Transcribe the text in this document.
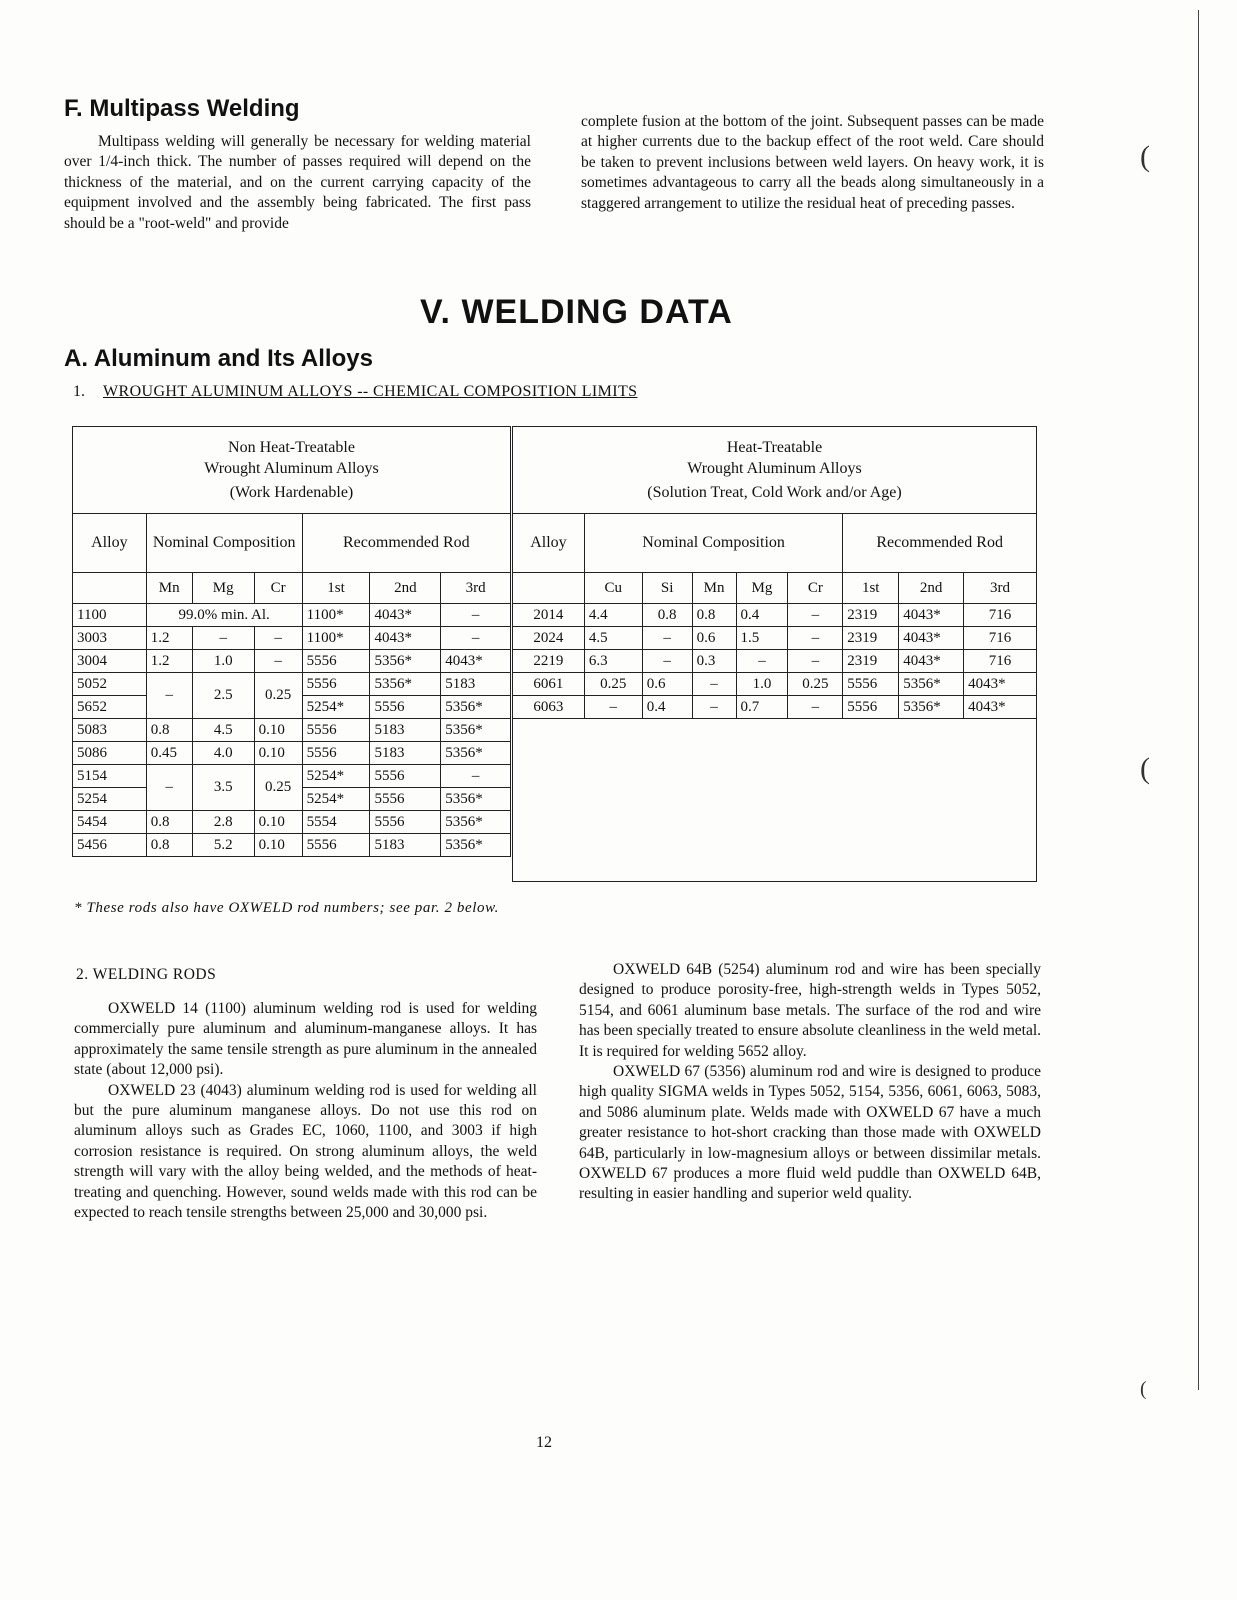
(
(
(
F. Multipass Welding

Multipass welding will generally be necessary for welding material over 1/4-inch thick. The number of passes required will depend on the thickness of the material, and on the current carrying capacity of the equipment involved and the assembly being fabricated. The first pass should be a "root-weld" and provide

complete fusion at the bottom of the joint. Subsequent passes can be made at higher currents due to the backup effect of the root weld. Care should be taken to prevent inclusions between weld layers. On heavy work, it is sometimes advantageous to carry all the beads along simultaneously in a staggered arrangement to utilize the residual heat of preceding passes.

V. WELDING DATA
A. Aluminum and Its Alloys
1. WROUGHT ALUMINUM ALLOYS -- CHEMICAL COMPOSITION LIMITS
Non Heat-Treatable
Wrought Aluminum Alloys
(Work Hardenable)						

Alloy	Nominal Composition			Recommended Rod		
	Mn	Mg	Cr	1st	2nd	3rd
1100	99.0% min. Al.			1100*	4043*	–
3003	1.2	–	–	1100*	4043*	–
3004	1.2	1.0	–	5556	5356*	4043*
5052	–	2.5	0.25	5556	5356*	5183
5652				5254*	5556	5356*
5083	0.8	4.5	0.10	5556	5183	5356*
5086	0.45	4.0	0.10	5556	5183	5356*
5154	–	3.5	0.25	5254*	5556	–
5254				5254*	5556	5356*
5454	0.8	2.8	0.10	5554	5556	5356*
5456	0.8	5.2	0.10	5556	5183	5356*
Heat-Treatable
Wrought Aluminum Alloys
(Solution Treat, Cold Work and/or Age)								

Alloy	Nominal Composition					Recommended Rod		
	Cu	Si	Mn	Mg	Cr	1st	2nd	3rd
2014	4.4	0.8	0.8	0.4	–	2319	4043*	716
2024	4.5	–	0.6	1.5	–	2319	4043*	716
2219	6.3	–	0.3	–	–	2319	4043*	716
6061	0.25	0.6	–	1.0	0.25	5556	5356*	4043*
6063	–	0.4	–	0.7	–	5556	5356*	4043*
* These rods also have OXWELD rod numbers; see par. 2 below.
2. WELDING RODS

OXWELD 14 (1100) aluminum welding rod is used for welding commercially pure aluminum and aluminum-manganese alloys. It has approximately the same tensile strength as pure aluminum in the annealed state (about 12,000 psi).

OXWELD 23 (4043) aluminum welding rod is used for welding all but the pure aluminum manganese alloys. Do not use this rod on aluminum alloys such as Grades EC, 1060, 1100, and 3003 if high corrosion resistance is required. On strong aluminum alloys, the weld strength will vary with the alloy being welded, and the methods of heat-treating and quenching. However, sound welds made with this rod can be expected to reach tensile strengths between 25,000 and 30,000 psi.

OXWELD 64B (5254) aluminum rod and wire has been specially designed to produce porosity-free, high-strength welds in Types 5052, 5154, and 6061 aluminum base metals. The surface of the rod and wire has been specially treated to ensure absolute cleanliness in the weld metal. It is required for welding 5652 alloy.

OXWELD 67 (5356) aluminum rod and wire is designed to produce high quality SIGMA welds in Types 5052, 5154, 5356, 6061, 6063, 5083, and 5086 aluminum plate. Welds made with OXWELD 67 have a much greater resistance to hot-short cracking than those made with OXWELD 64B, particularly in low-magnesium alloys or between dissimilar metals. OXWELD 67 produces a more fluid weld puddle than OXWELD 64B, resulting in easier handling and superior weld quality.

12
